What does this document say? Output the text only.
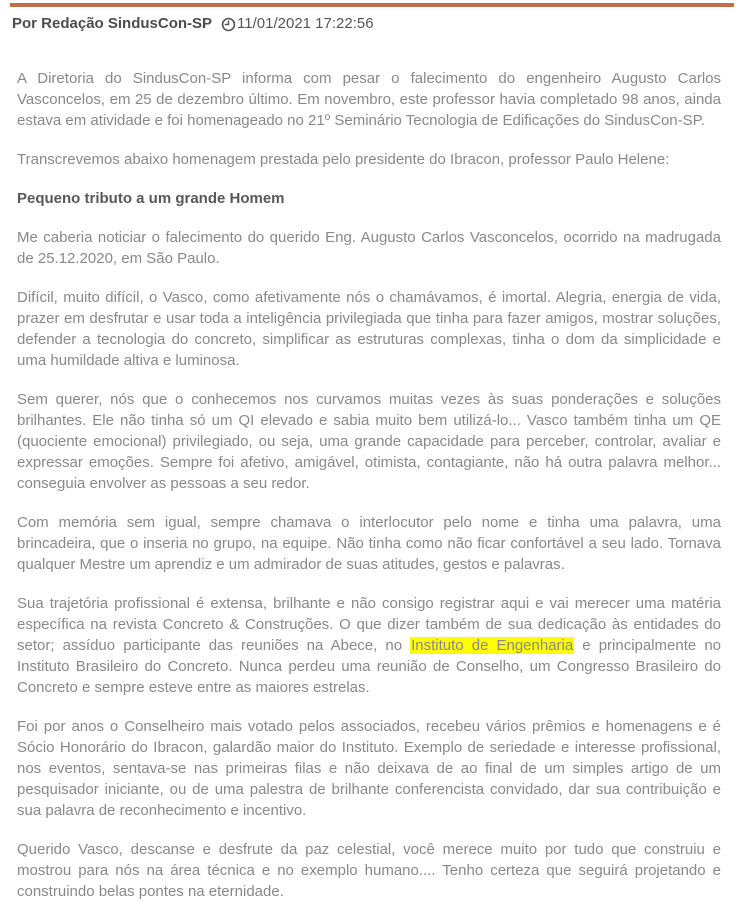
Por Redação SindusCon-SP 11/01/2021 17:22:56

A Diretoria do SindusCon-SP informa com pesar o falecimento do engenheiro Augusto Carlos Vasconcelos, em 25 de dezembro último. Em novembro, este professor havia completado 98 anos, ainda estava em atividade e foi homenageado no 21º Seminário Tecnologia de Edificações do SindusCon-SP.

Transcrevemos abaixo homenagem prestada pelo presidente do Ibracon, professor Paulo Helene:

Pequeno tributo a um grande Homem

Me caberia noticiar o falecimento do querido Eng. Augusto Carlos Vasconcelos, ocorrido na madrugada de 25.12.2020, em São Paulo.

Difícil, muito difícil, o Vasco, como afetivamente nós o chamávamos, é imortal. Alegria, energia de vida, prazer em desfrutar e usar toda a inteligência privilegiada que tinha para fazer amigos, mostrar soluções, defender a tecnologia do concreto, simplificar as estruturas complexas, tinha o dom da simplicidade e uma humildade altiva e luminosa.

Sem querer, nós que o conhecemos nos curvamos muitas vezes às suas ponderações e soluções brilhantes. Ele não tinha só um QI elevado e sabia muito bem utilizá-lo... Vasco também tinha um QE (quociente emocional) privilegiado, ou seja, uma grande capacidade para perceber, controlar, avaliar e expressar emoções. Sempre foi afetivo, amigável, otimista, contagiante, não há outra palavra melhor... conseguia envolver as pessoas a seu redor.

Com memória sem igual, sempre chamava o interlocutor pelo nome e tinha uma palavra, uma brincadeira, que o inseria no grupo, na equipe. Não tinha como não ficar confortável a seu lado. Tornava qualquer Mestre um aprendiz e um admirador de suas atitudes, gestos e palavras.

Sua trajetória profissional é extensa, brilhante e não consigo registrar aqui e vai merecer uma matéria específica na revista Concreto & Construções. O que dizer também de sua dedicação às entidades do setor; assíduo participante das reuniões na Abece, no Instituto de Engenharia e principalmente no Instituto Brasileiro do Concreto. Nunca perdeu uma reunião de Conselho, um Congresso Brasileiro do Concreto e sempre esteve entre as maiores estrelas.

Foi por anos o Conselheiro mais votado pelos associados, recebeu vários prêmios e homenagens e é Sócio Honorário do Ibracon, galardão maior do Instituto. Exemplo de seriedade e interesse profissional, nos eventos, sentava-se nas primeiras filas e não deixava de ao final de um simples artigo de um pesquisador iniciante, ou de uma palestra de brilhante conferencista convidado, dar sua contribuição e sua palavra de reconhecimento e incentivo.

Querido Vasco, descanse e desfrute da paz celestial, você merece muito por tudo que construiu e mostrou para nós na área técnica e no exemplo humano.... Tenho certeza que seguirá projetando e construindo belas pontes na eternidade.
